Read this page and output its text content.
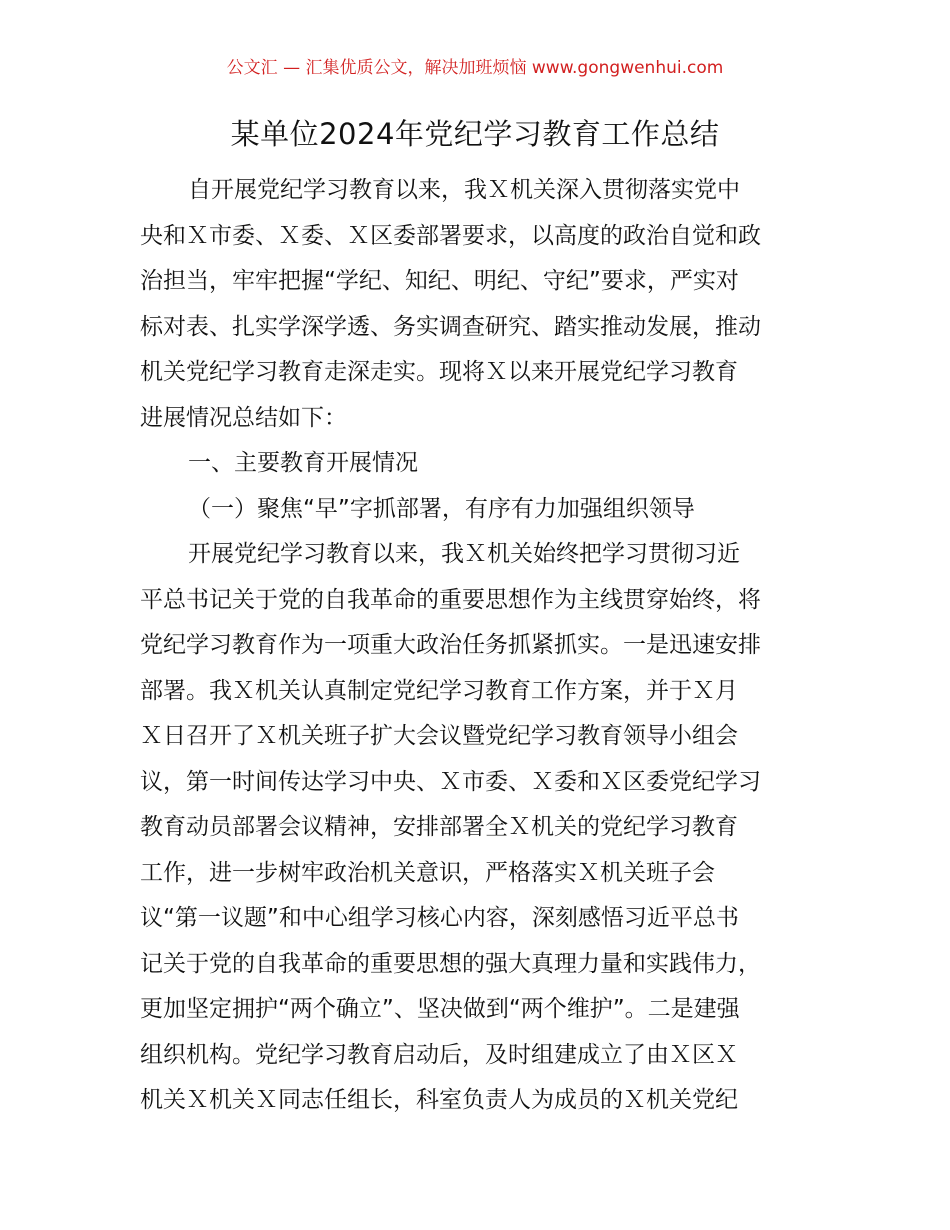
公文汇 — 汇集优质公文，解决加班烦恼 www.gongwenhui.com
某单位2024年党纪学习教育工作总结
自开展党纪学习教育以来，我Ｘ机关深入贯彻落实党中
央和Ｘ市委、Ｘ委、Ｘ区委部署要求，以高度的政治自觉和政
治担当，牢牢把握“学纪、知纪、明纪、守纪”要求，严实对
标对表、扎实学深学透、务实调查研究、踏实推动发展，推动
机关党纪学习教育走深走实。现将Ｘ以来开展党纪学习教育
进展情况总结如下：
一、主要教育开展情况
（一）聚焦“早”字抓部署，有序有力加强组织领导
开展党纪学习教育以来，我Ｘ机关始终把学习贯彻习近
平总书记关于党的自我革命的重要思想作为主线贯穿始终，将
党纪学习教育作为一项重大政治任务抓紧抓实。一是迅速安排
部署。我Ｘ机关认真制定党纪学习教育工作方案，并于Ｘ月
Ｘ日召开了Ｘ机关班子扩大会议暨党纪学习教育领导小组会
议，第一时间传达学习中央、Ｘ市委、Ｘ委和Ｘ区委党纪学习
教育动员部署会议精神，安排部署全Ｘ机关的党纪学习教育
工作，进一步树牢政治机关意识，严格落实Ｘ机关班子会
议“第一议题”和中心组学习核心内容，深刻感悟习近平总书
记关于党的自我革命的重要思想的强大真理力量和实践伟力，
更加坚定拥护“两个确立”、坚决做到“两个维护”。二是建强
组织机构。党纪学习教育启动后，及时组建成立了由Ｘ区Ｘ
机关Ｘ机关Ｘ同志任组长，科室负责人为成员的Ｘ机关党纪
